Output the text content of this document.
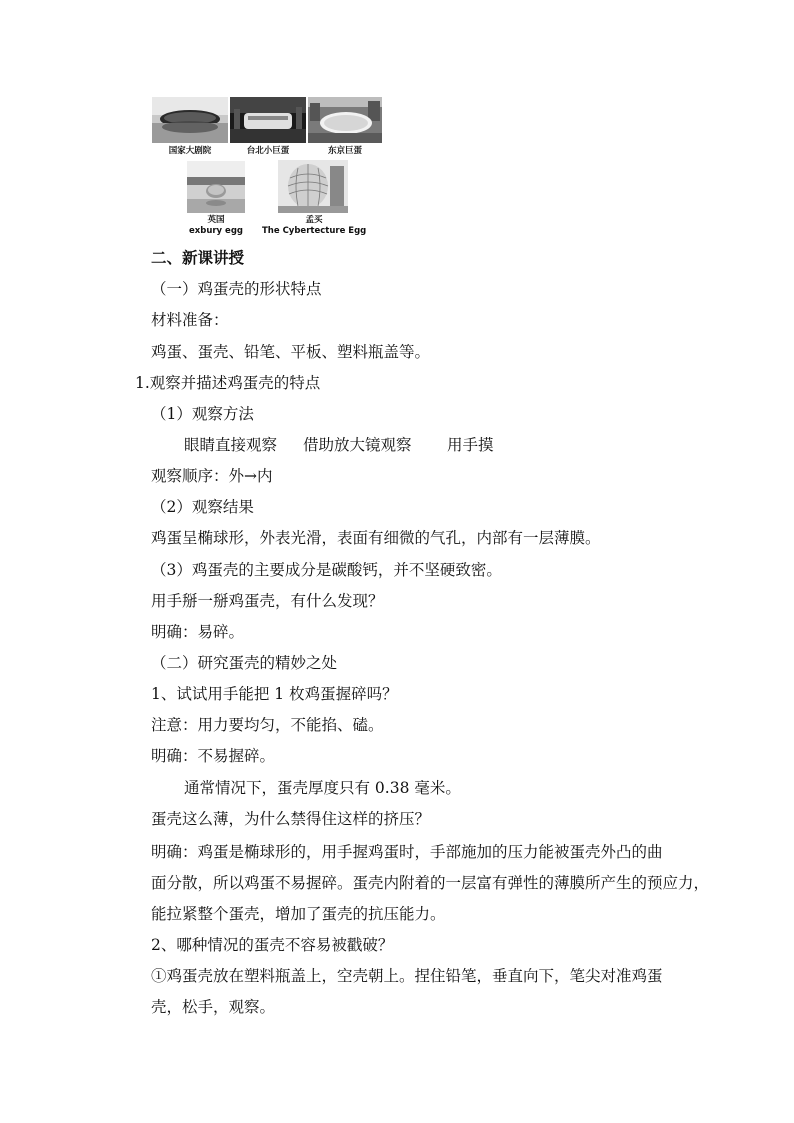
国家大剧院	台北小巨蛋	东京巨蛋
英国
exbury egg
孟买
The Cybertecture Egg
二、新课讲授
（一）鸡蛋壳的形状特点
材料准备：
鸡蛋、蛋壳、铅笔、平板、塑料瓶盖等。
1.观察并描述鸡蛋壳的特点
（1）观察方法
眼睛直接观察 借助放大镜观察 用手摸
观察顺序：外→内
（2）观察结果
鸡蛋呈椭球形，外表光滑，表面有细微的气孔，内部有一层薄膜。
（3）鸡蛋壳的主要成分是碳酸钙，并不坚硬致密。
用手掰一掰鸡蛋壳，有什么发现？
明确：易碎。
（二）研究蛋壳的精妙之处
1、试试用手能把 1 枚鸡蛋握碎吗？
注意：用力要均匀，不能掐、磕。
明确：不易握碎。
通常情况下，蛋壳厚度只有 0.38 毫米。
蛋壳这么薄，为什么禁得住这样的挤压？
明确：鸡蛋是椭球形的，用手握鸡蛋时，手部施加的压力能被蛋壳外凸的曲
面分散，所以鸡蛋不易握碎。蛋壳内附着的一层富有弹性的薄膜所产生的预应力，
能拉紧整个蛋壳，增加了蛋壳的抗压能力。
2、哪种情况的蛋壳不容易被戳破？
①鸡蛋壳放在塑料瓶盖上，空壳朝上。捏住铅笔，垂直向下，笔尖对准鸡蛋
壳，松手，观察。
